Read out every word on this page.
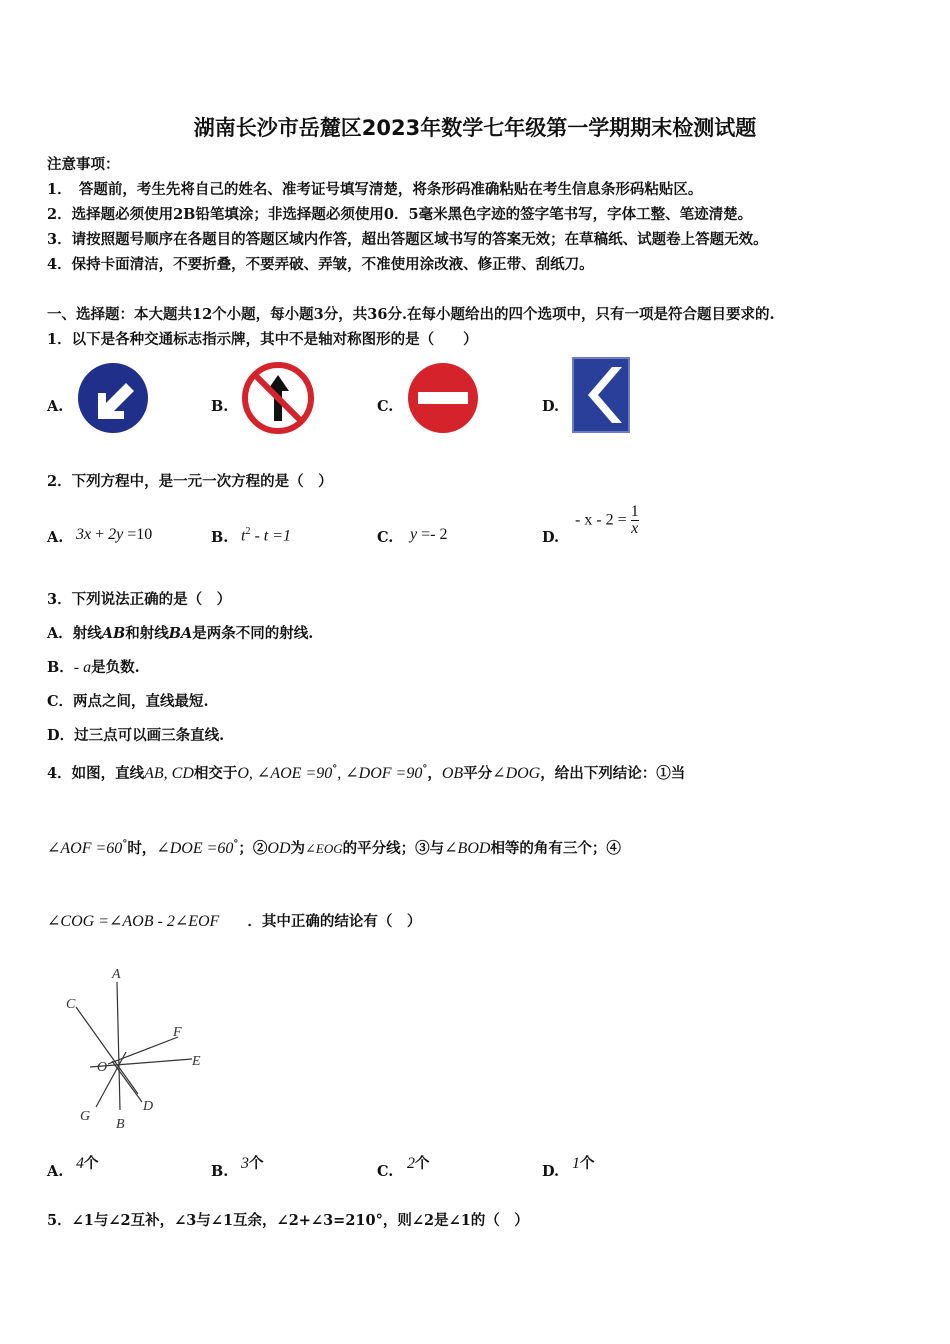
湖南长沙市岳麓区2023年数学七年级第一学期期末检测试题
注意事项：
1．　答题前，考生先将自己的姓名、准考证号填写清楚，将条形码准确粘贴在考生信息条形码粘贴区。
2．选择题必须使用2B铅笔填涂；非选择题必须使用0．5毫米黑色字迹的签字笔书写，字体工整、笔迹清楚。
3．请按照题号顺序在各题目的答题区域内作答，超出答题区域书写的答案无效；在草稿纸、试题卷上答题无效。
4．保持卡面清洁，不要折叠，不要弄破、弄皱，不准使用涂改液、修正带、刮纸刀。
一、选择题：本大题共12个小题，每小题3分，共36分.在每小题给出的四个选项中，只有一项是符合题目要求的.
1．以下是各种交通标志指示牌，其中不是轴对称图形的是（　　）
A.	B.	C.	D.
2．下列方程中，是一元一次方程的是（　）
A. 3x + 2y =10	B. $t^2 - t =1$	C. y =- 2	D.
- $x - 2 = \frac{1}{x}$
3．下列说法正确的是（　）
A．射线AB和射线BA是两条不同的射线.
B．- a是负数.
C．两点之间，直线最短.
D．过三点可以画三条直线.
4．如图，直线AB, CD相交于O, ∠AOE =90°, ∠DOF =90°，OB平分∠DOG，给出下列结论：①当
∠AOF =60°时，∠DOE =60°；②OD为∠EOG的平分线；③与∠BOD相等的角有三个；④
∠COG =∠AOB - 2∠EOF ．其中正确的结论有（　）
A
C
F
O	E
G
D
B
A. 4个	B. 3个	C. 2个	D. 1个
5．∠1与∠2互补，∠3与∠1互余，∠2+∠3=210°，则∠2是∠1的（　）
